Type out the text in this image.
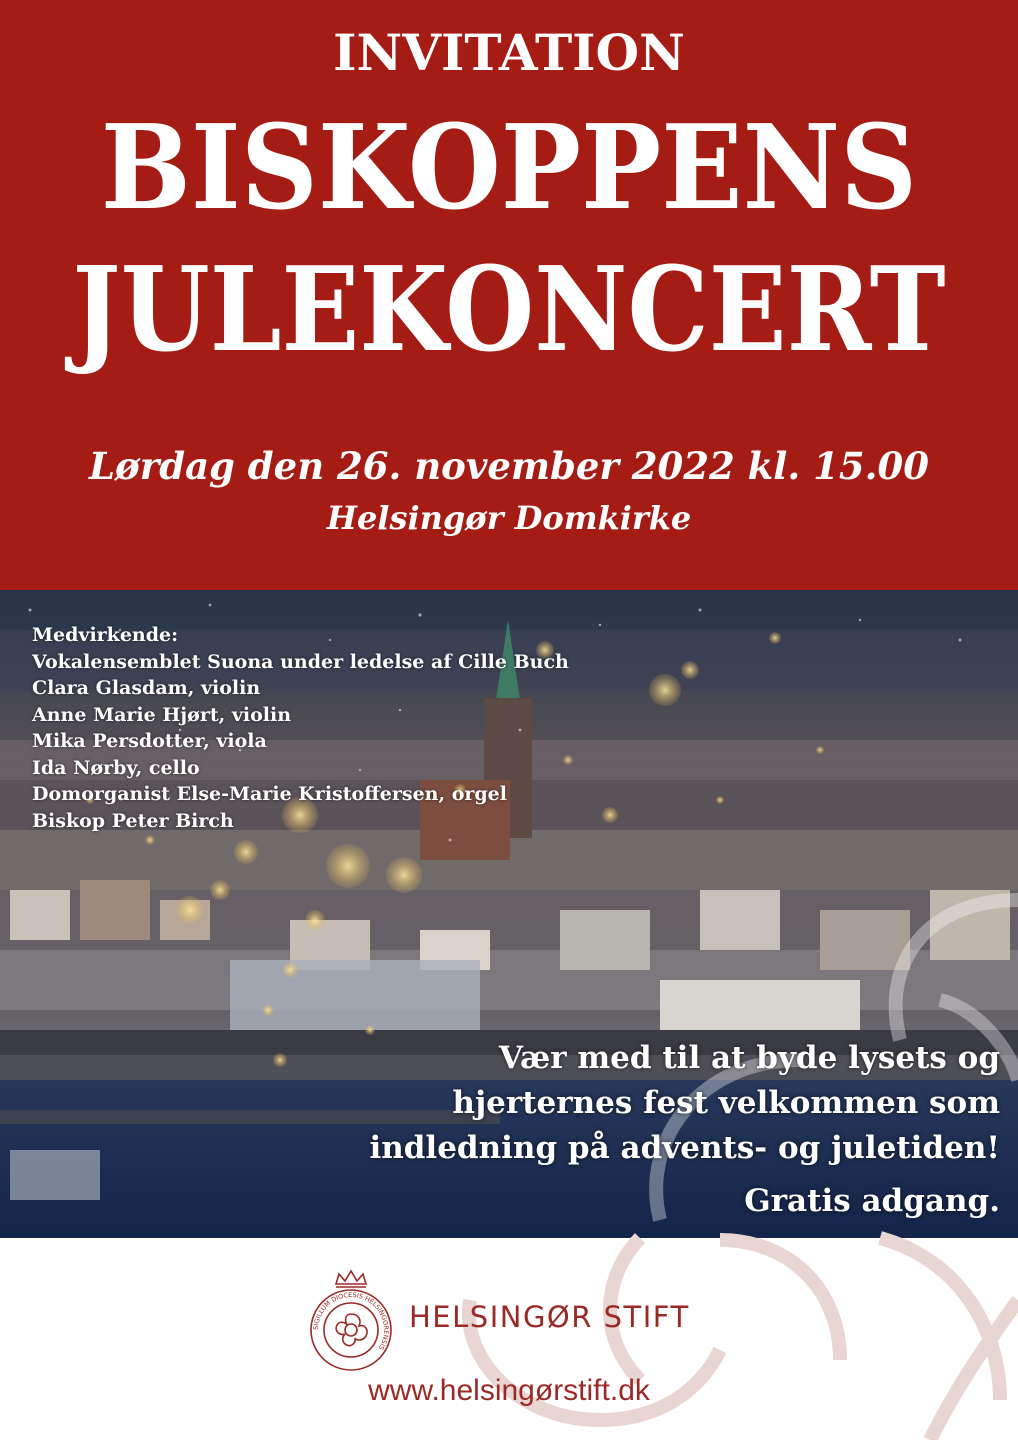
INVITATION
BISKOPPENS
JULEKONCERT
Lørdag den 26. november 2022 kl. 15.00
Helsingør Domkirke
Medvirkende:
Vokalensemblet Suona under ledelse af Cille Buch
Clara Glasdam, violin
Anne Marie Hjørt, violin
Mika Persdotter, viola
Ida Nørby, cello
Domorganist Else-Marie Kristoffersen, orgel
Biskop Peter Birch
Vær med til at byde lysets og
hjerternes fest velkommen som
indledning på advents- og juletiden!
Gratis adgang.
SIGILLUM DIOCESIS HELSINGORENSIS
HELSINGØR STIFT
www.helsingørstift.dk
